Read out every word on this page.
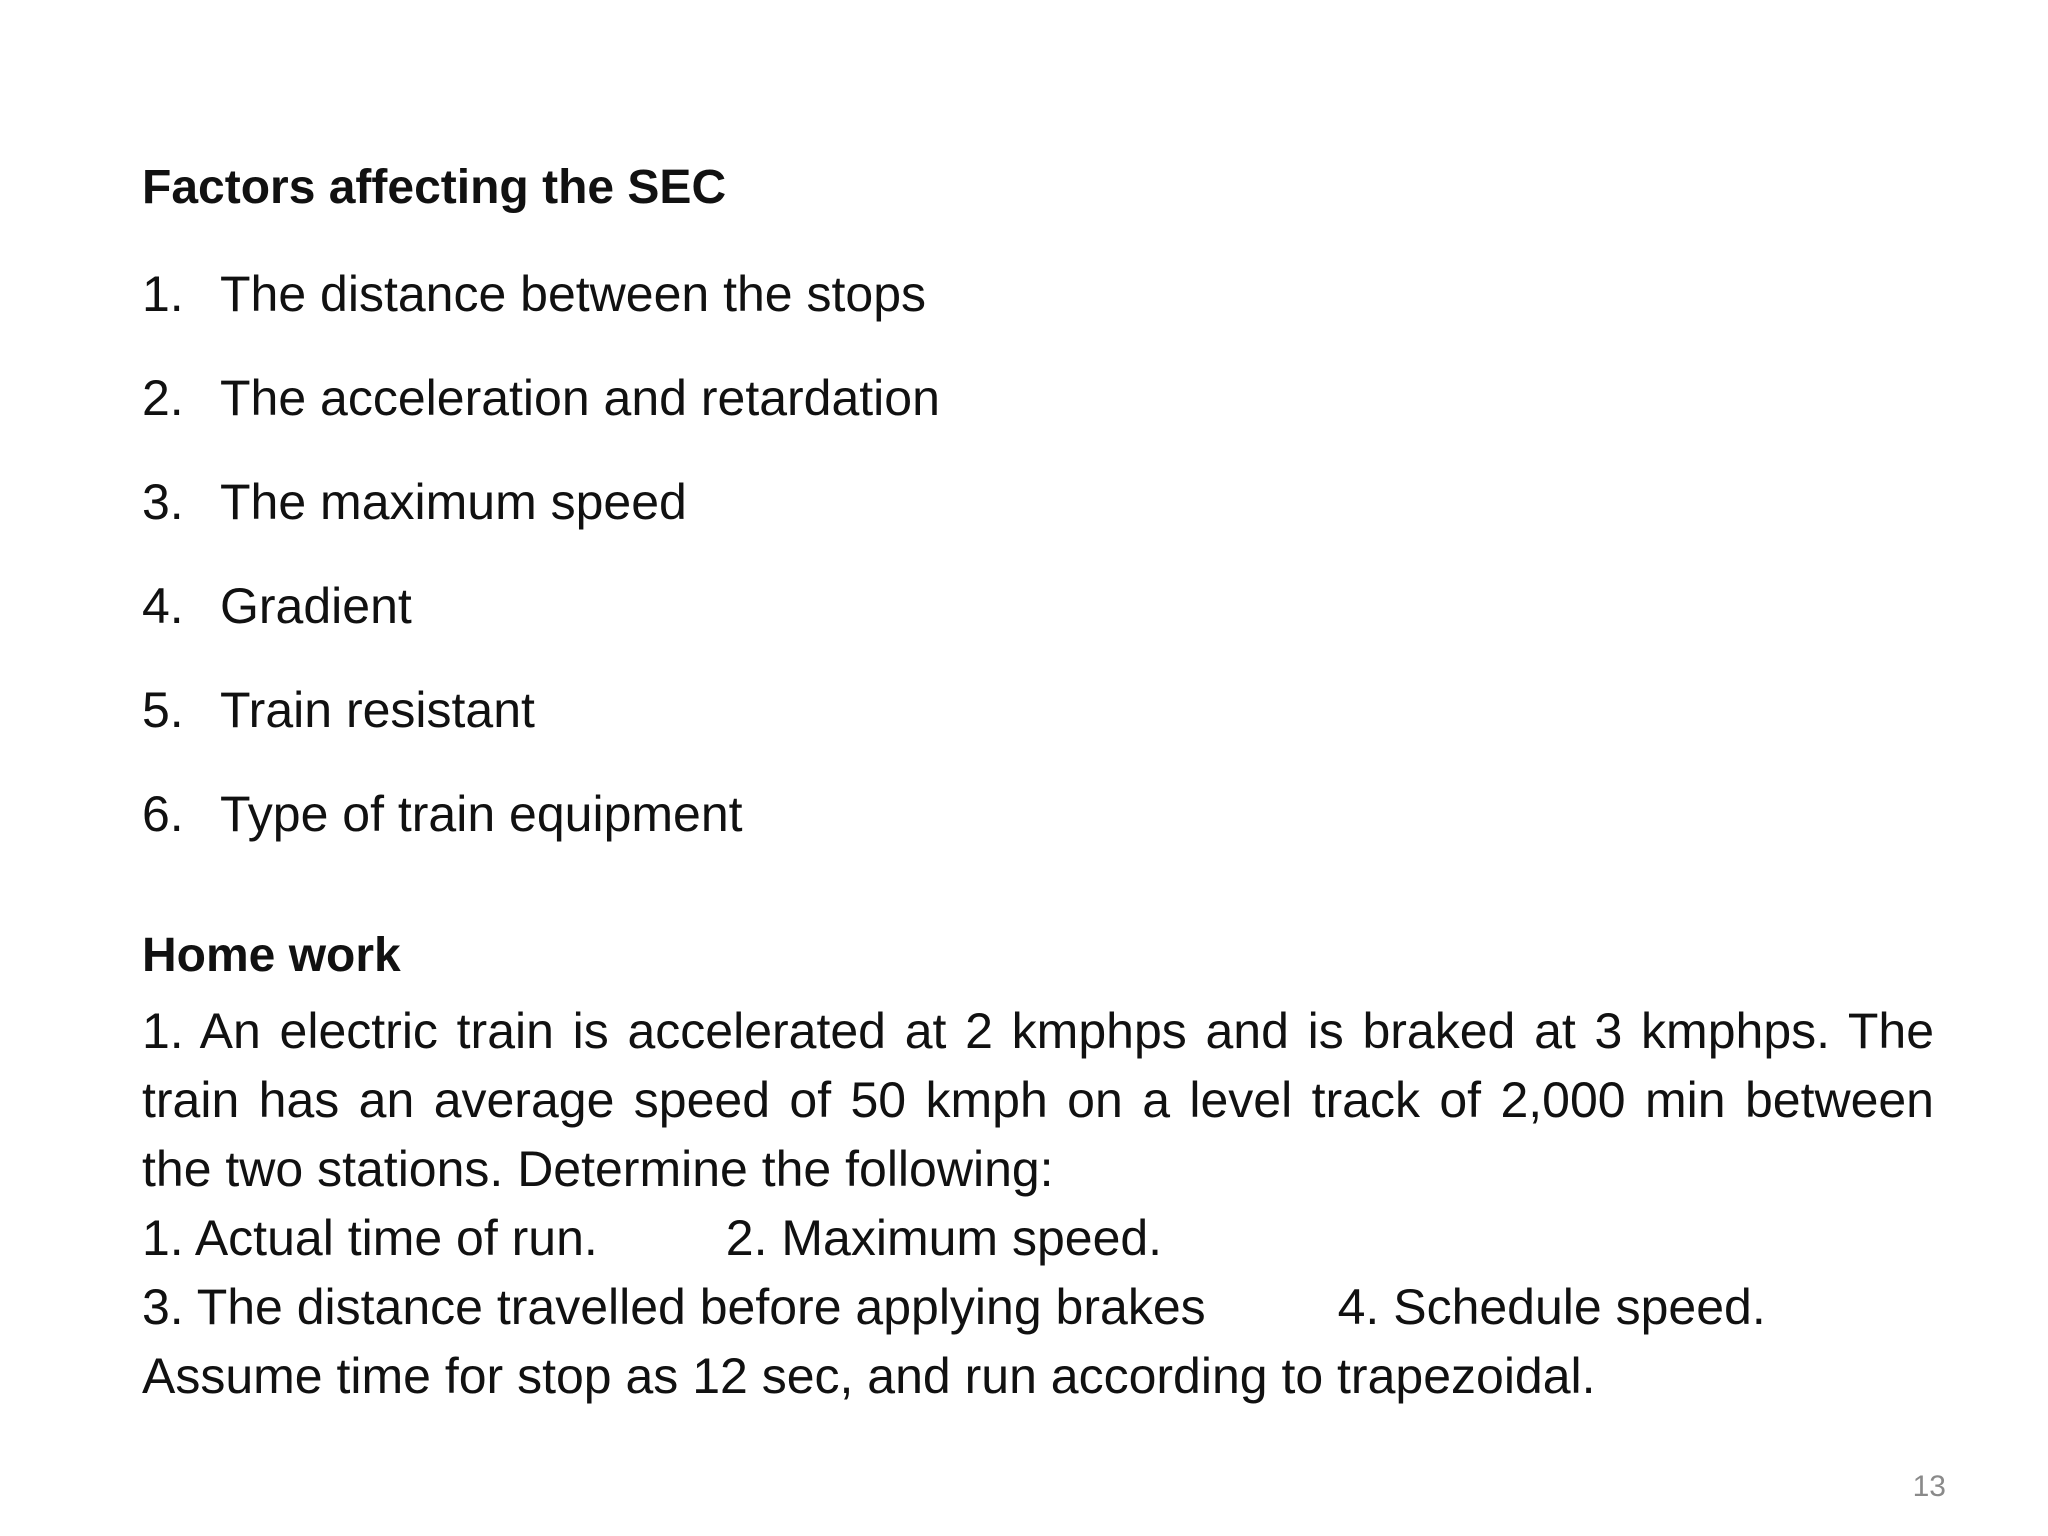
Factors affecting the SEC
1. The distance between the stops
2. The acceleration and retardation
3. The maximum speed
4. Gradient
5. Train resistant
6. Type of train equipment
Home work

1. An electric train is accelerated at 2 kmphps and is braked at 3 kmphps. The train has an average speed of 50 kmph on a level track of 2,000 min between the two stations. Determine the following:

1. Actual time of run.	2. Maximum speed.

3. The distance travelled before applying brakes	4. Schedule speed.

Assume time for stop as 12 sec, and run according to trapezoidal.

13
